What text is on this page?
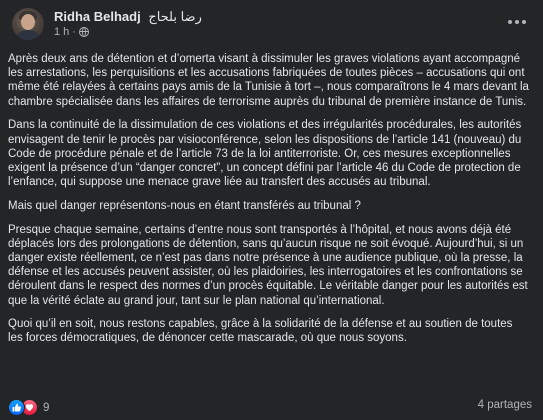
Ridha Belhadj رضا بلحاج
1 h ·

Après deux ans de détention et d’omerta visant à dissimuler les graves violations ayant accompagné les arrestations, les perquisitions et les accusations fabriquées de toutes pièces – accusations qui ont même été relayées à certains pays amis de la Tunisie à tort –, nous comparaîtrons le 4 mars devant la chambre spécialisée dans les affaires de terrorisme auprès du tribunal de première instance de Tunis.

Dans la continuité de la dissimulation de ces violations et des irrégularités procédurales, les autorités envisagent de tenir le procès par visioconférence, selon les dispositions de l’article 141 (nouveau) du Code de procédure pénale et de l’article 73 de la loi antiterroriste. Or, ces mesures exceptionnelles exigent la présence d’un “danger concret”, un concept défini par l’article 46 du Code de protection de l’enfance, qui suppose une menace grave liée au transfert des accusés au tribunal.

Mais quel danger représentons-nous en étant transférés au tribunal ?

Presque chaque semaine, certains d’entre nous sont transportés à l’hôpital, et nous avons déjà été déplacés lors des prolongations de détention, sans qu’aucun risque ne soit évoqué. Aujourd’hui, si un danger existe réellement, ce n’est pas dans notre présence à une audience publique, où la presse, la défense et les accusés peuvent assister, où les plaidoiries, les interrogatoires et les confrontations se déroulent dans le respect des normes d’un procès équitable. Le véritable danger pour les autorités est que la vérité éclate au grand jour, tant sur le plan national qu’international.

Quoi qu’il en soit, nous restons capables, grâce à la solidarité de la défense et au soutien de toutes les forces démocratiques, de dénoncer cette mascarade, où que nous soyons.

9	4 partages
